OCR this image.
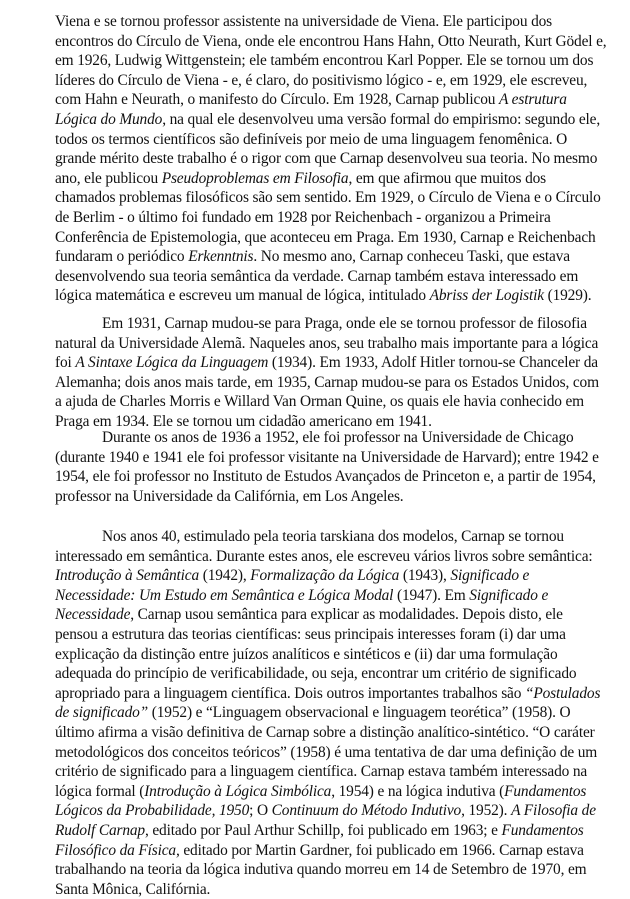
Viena e se tornou professor assistente na universidade de Viena. Ele participou dos
encontros do Círculo de Viena, onde ele encontrou Hans Hahn, Otto Neurath, Kurt Gödel e,
em 1926, Ludwig Wittgenstein; ele também encontrou Karl Popper. Ele se tornou um dos
líderes do Círculo de Viena - e, é claro, do positivismo lógico - e, em 1929, ele escreveu,
com Hahn e Neurath, o manifesto do Círculo. Em 1928, Carnap publicou A estrutura
Lógica do Mundo, na qual ele desenvolveu uma versão formal do empirismo: segundo ele,
todos os termos científicos são definíveis por meio de uma linguagem fenomênica. O
grande mérito deste trabalho é o rigor com que Carnap desenvolveu sua teoria. No mesmo
ano, ele publicou Pseudoproblemas em Filosofia, em que afirmou que muitos dos
chamados problemas filosóficos são sem sentido. Em 1929, o Círculo de Viena e o Círculo
de Berlim - o último foi fundado em 1928 por Reichenbach - organizou a Primeira
Conferência de Epistemologia, que aconteceu em Praga. Em 1930, Carnap e Reichenbach
fundaram o periódico Erkenntnis. No mesmo ano, Carnap conheceu Taski, que estava
desenvolvendo sua teoria semântica da verdade. Carnap também estava interessado em
lógica matemática e escreveu um manual de lógica, intitulado Abriss der Logistik (1929).
Em 1931, Carnap mudou-se para Praga, onde ele se tornou professor de filosofia
natural da Universidade Alemã. Naqueles anos, seu trabalho mais importante para a lógica
foi A Sintaxe Lógica da Linguagem (1934). Em 1933, Adolf Hitler tornou-se Chanceler da
Alemanha; dois anos mais tarde, em 1935, Carnap mudou-se para os Estados Unidos, com
a ajuda de Charles Morris e Willard Van Orman Quine, os quais ele havia conhecido em
Praga em 1934. Ele se tornou um cidadão americano em 1941.
Durante os anos de 1936 a 1952, ele foi professor na Universidade de Chicago
(durante 1940 e 1941 ele foi professor visitante na Universidade de Harvard); entre 1942 e
1954, ele foi professor no Instituto de Estudos Avançados de Princeton e, a partir de 1954,
professor na Universidade da Califórnia, em Los Angeles.
Nos anos 40, estimulado pela teoria tarskiana dos modelos, Carnap se tornou
interessado em semântica. Durante estes anos, ele escreveu vários livros sobre semântica:
Introdução à Semântica (1942), Formalização da Lógica (1943), Significado e
Necessidade: Um Estudo em Semântica e Lógica Modal (1947). Em Significado e
Necessidade, Carnap usou semântica para explicar as modalidades. Depois disto, ele
pensou a estrutura das teorias científicas: seus principais interesses foram (i) dar uma
explicação da distinção entre juízos analíticos e sintéticos e (ii) dar uma formulação
adequada do princípio de verificabilidade, ou seja, encontrar um critério de significado
apropriado para a linguagem científica. Dois outros importantes trabalhos são “Postulados
de significado” (1952) e “Linguagem observacional e linguagem teorética” (1958). O
último afirma a visão definitiva de Carnap sobre a distinção analítico-sintético. “O caráter
metodológicos dos conceitos teóricos” (1958) é uma tentativa de dar uma definição de um
critério de significado para a linguagem científica. Carnap estava também interessado na
lógica formal (Introdução à Lógica Simbólica, 1954) e na lógica indutiva (Fundamentos
Lógicos da Probabilidade, 1950; O Continuum do Método Indutivo, 1952). A Filosofia de
Rudolf Carnap, editado por Paul Arthur Schillp, foi publicado em 1963; e Fundamentos
Filosófico da Física, editado por Martin Gardner, foi publicado em 1966. Carnap estava
trabalhando na teoria da lógica indutiva quando morreu em 14 de Setembro de 1970, em
Santa Mônica, Califórnia.
